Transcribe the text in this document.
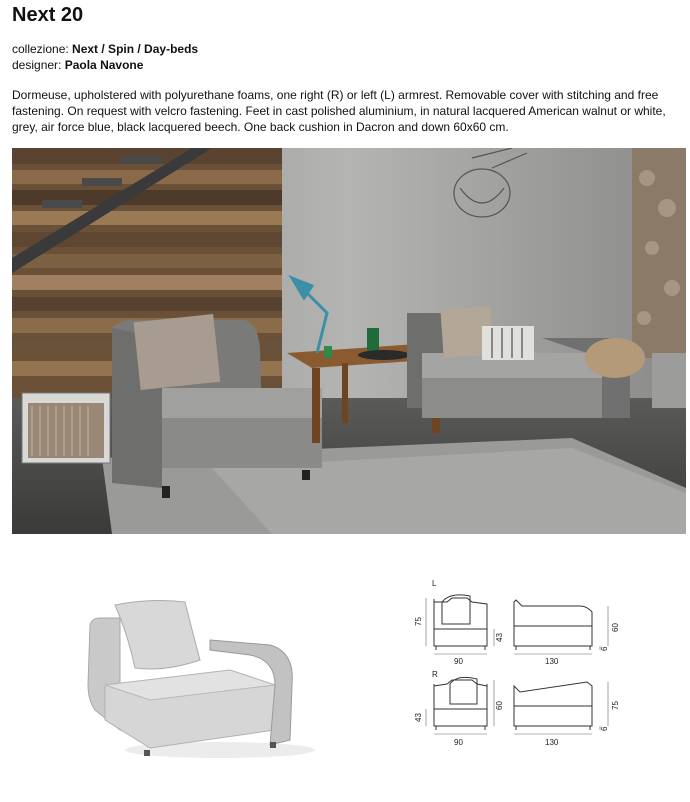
Next 20
collezione: Next / Spin / Day-beds
designer: Paola Navone

Dormeuse, upholstered with polyurethane foams, one right (R) or left (L) armrest. Removable cover with stitching and free fastening. On request with velcro fastening. Feet in cast polished aluminium, in natural lacquered American walnut or white, grey, air force blue, black lacquered beech. One back cushion in Dacron and down 60x60 cm.

L
R
75
43
90	130
60
6
43
60
90	130
75
6
